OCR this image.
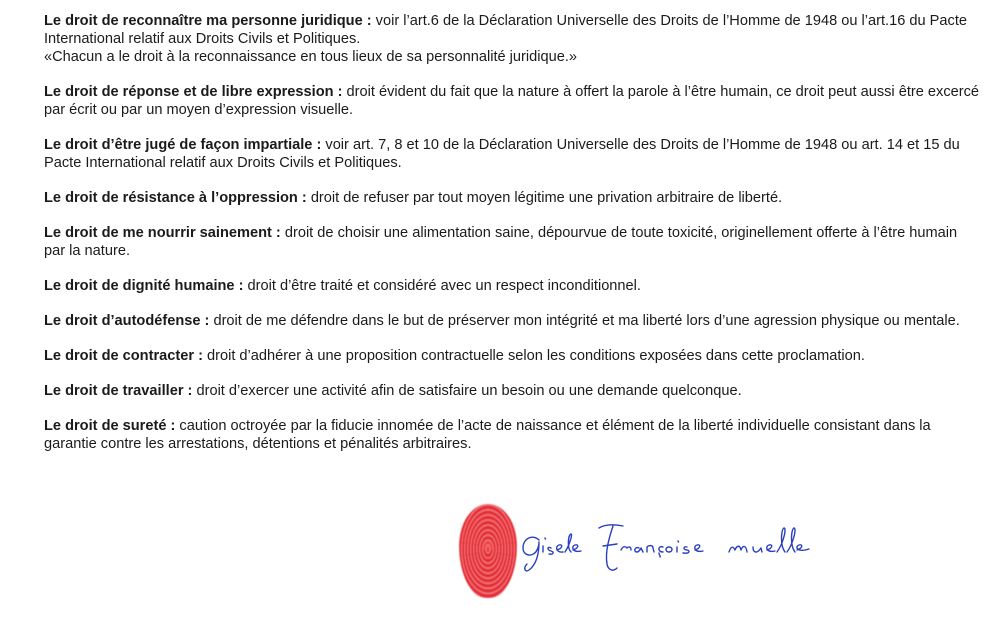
Le droit de reconnaître ma personne juridique : voir l’art.6 de la Déclaration Universelle des Droits de l’Homme de 1948 ou l’art.16 du Pacte International relatif aux Droits Civils et Politiques.
«Chacun a le droit à la reconnaissance en tous lieux de sa personnalité juridique.»

Le droit de réponse et de libre expression : droit évident du fait que la nature à offert la parole à l’être humain, ce droit peut aussi être excercé par écrit ou par un moyen d’expression visuelle.

Le droit d’être jugé de façon impartiale : voir art. 7, 8 et 10 de la Déclaration Universelle des Droits de l’Homme de 1948 ou art. 14 et 15 du Pacte International relatif aux Droits Civils et Politiques.

Le droit de résistance à l’oppression : droit de refuser par tout moyen légitime une privation arbitraire de liberté.

Le droit de me nourrir sainement : droit de choisir une alimentation saine, dépourvue de toute toxicité, originellement offerte à l’être humain par la nature.

Le droit de dignité humaine : droit d’être traité et considéré avec un respect inconditionnel.

Le droit d’autodéfense : droit de me défendre dans le but de préserver mon intégrité et ma liberté lors d’une agression physique ou mentale.

Le droit de contracter : droit d’adhérer à une proposition contractuelle selon les conditions exposées dans cette proclamation.

Le droit de travailler : droit d’exercer une activité afin de satisfaire un besoin ou une demande quelconque.

Le droit de sureté : caution octroyée par la fiducie innomée de l’acte de naissance et élément de la liberté individuelle consistant dans la garantie contre les arrestations, détentions et pénalités arbitraires.
